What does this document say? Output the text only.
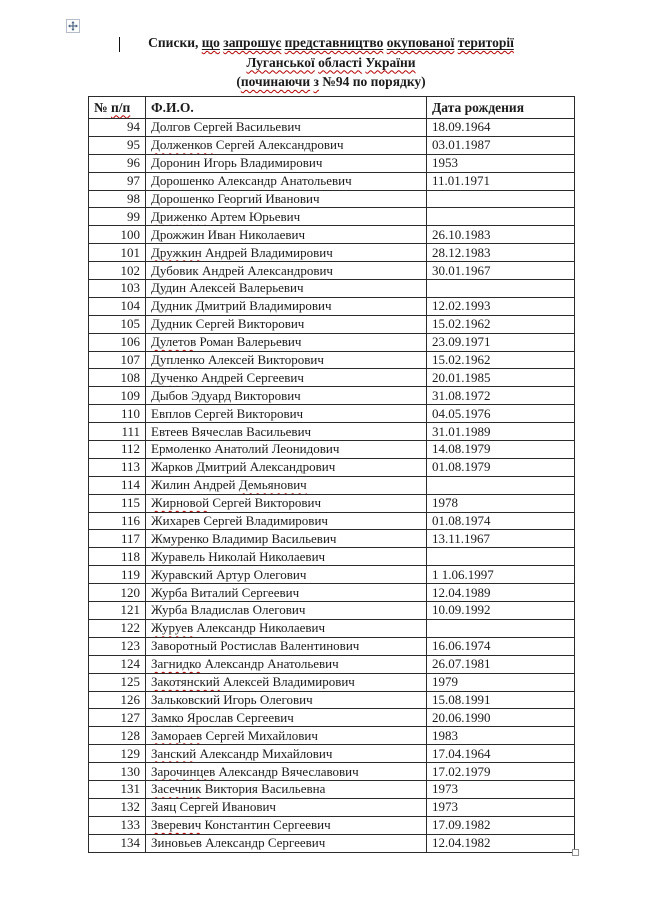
Списки, що запрошує представництво окупованої території
Луганської області України
(починаючи з №94 по порядку)
№ п/п	Ф.И.О.	Дата рождения
94	Долгов Сергей Васильевич	18.09.1964
95	Долженков Сергей Александрович	03.01.1987
96	Доронин Игорь Владимирович	1953
97	Дорошенко Александр Анатольевич	11.01.1971
98	Дорошенко Георгий Иванович	
99	Дриженко Артем Юрьевич	
100	Дрожжин Иван Николаевич	26.10.1983
101	Дружкин Андрей Владимирович	28.12.1983
102	Дубовик Андрей Александрович	30.01.1967
103	Дудин Алексей Валерьевич	
104	Дудник Дмитрий Владимирович	12.02.1993
105	Дудник Сергей Викторович	15.02.1962
106	Дулетов Роман Валерьевич	23.09.1971
107	Дупленко Алексей Викторович	15.02.1962
108	Дученко Андрей Сергеевич	20.01.1985
109	Дыбов Эдуард Викторович	31.08.1972
110	Евплов Сергей Викторович	04.05.1976
111	Евтеев Вячеслав Васильевич	31.01.1989
112	Ермоленко Анатолий Леонидович	14.08.1979
113	Жарков Дмитрий Александрович	01.08.1979
114	Жилин Андрей Демьянович	
115	Жирновой Сергей Викторович	1978
116	Жихарев Сергей Владимирович	01.08.1974
117	Жмуренко Владимир Васильевич	13.11.1967
118	Журавель Николай Николаевич	
119	Журавский Артур Олегович	1 1.06.1997
120	Журба Виталий Сергеевич	12.04.1989
121	Журба Владислав Олегович	10.09.1992
122	Журуев Александр Николаевич	
123	Заворотный Ростислав Валентинович	16.06.1974
124	Загнидко Александр Анатольевич	26.07.1981
125	Закотянский Алексей Владимирович	1979
126	Зальковский Игорь Олегович	15.08.1991
127	Замко Ярослав Сергеевич	20.06.1990
128	Замораев Сергей Михайлович	1983
129	Занский Александр Михайлович	17.04.1964
130	Зарочинцев Александр Вячеславович	17.02.1979
131	Засечник Виктория Васильевна	1973
132	Заяц Сергей Иванович	1973
133	Зверевич Константин Сергеевич	17.09.1982
134	Зиновьев Александр Сергеевич	12.04.1982
